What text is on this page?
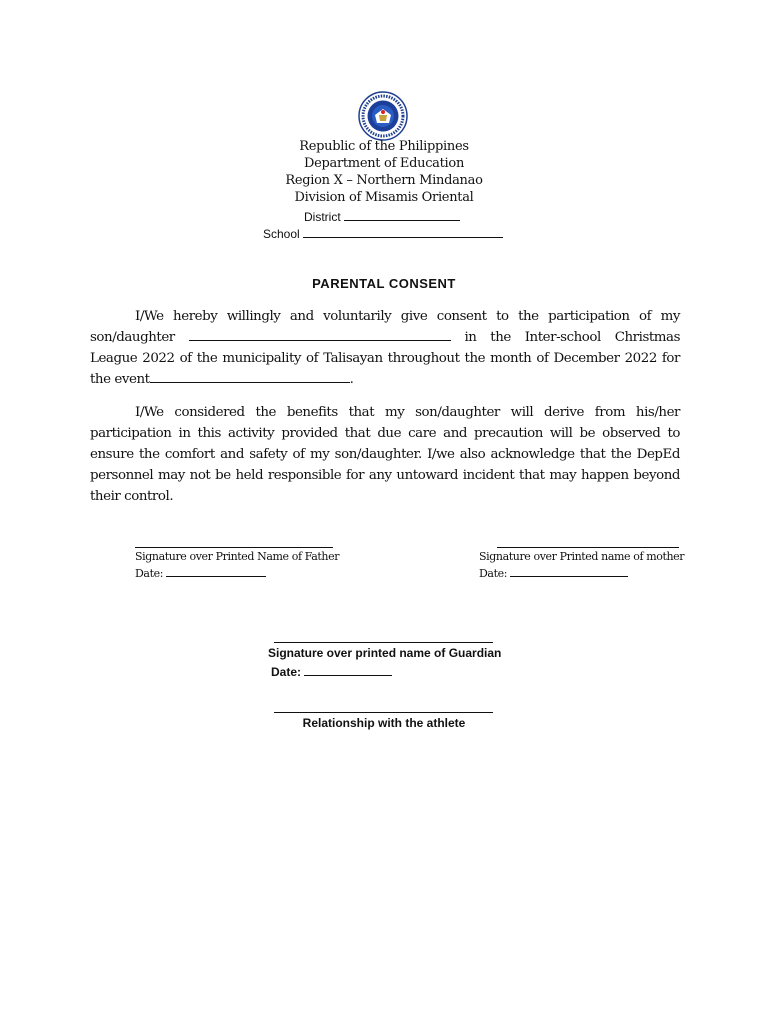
Republic of the Philippines
Department of Education
Region X – Northern Mindanao
Division of Misamis Oriental
District
School
PARENTAL CONSENT

I/We hereby willingly and voluntarily give consent to the participation of my son/daughter	in the Inter-school Christmas League 2022 of the municipality of Talisayan throughout the month of December 2022 for the event	.

I/We considered the benefits that my son/daughter will derive from his/her participation in this activity provided that due care and precaution will be observed to ensure the comfort and safety of my son/daughter. I/we also acknowledge that the DepEd personnel may not be held responsible for any untoward incident that may happen beyond their control.

Signature over Printed Name of Father
Date:
Signature over Printed name of mother
Date:
Signature over printed name of Guardian
Date:
Relationship with the athlete
